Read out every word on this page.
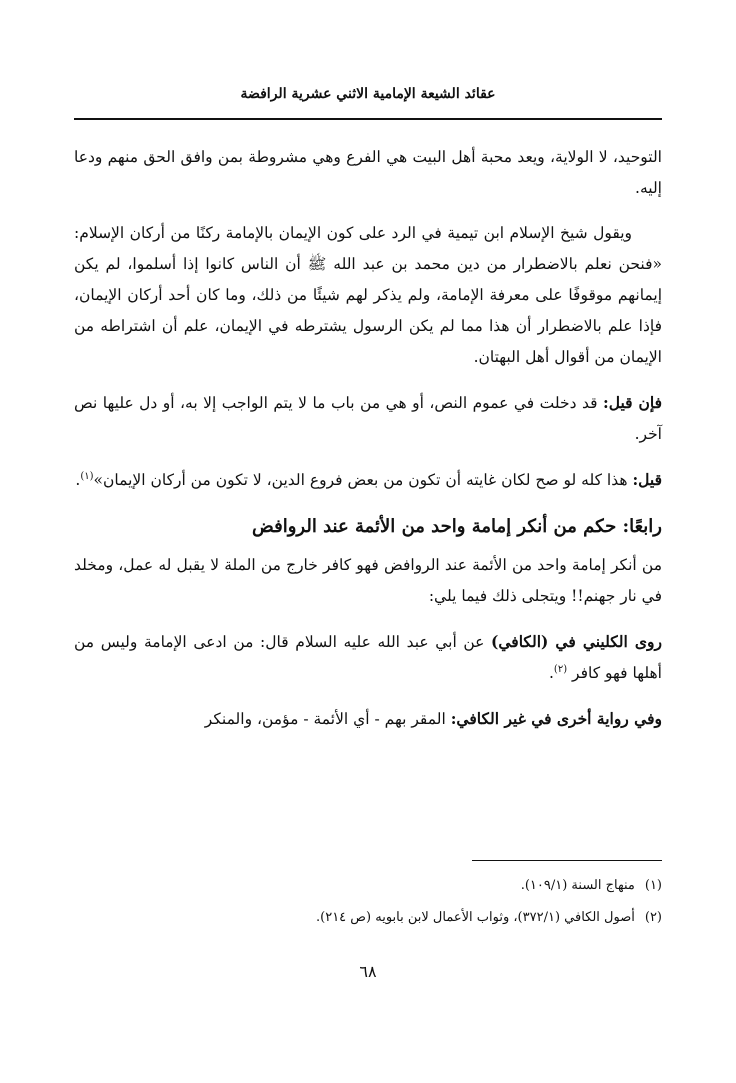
عقائد الشيعة الإمامية الاثني عشرية الرافضة

التوحيد، لا الولاية، ويعد محبة أهل البيت هي الفرع وهي مشروطة بمن وافق الحق منهم ودعا إليه.

ويقول شيخ الإسلام ابن تيمية في الرد على كون الإيمان بالإمامة ركنًا من أركان الإسلام: «فنحن نعلم بالاضطرار من دين محمد بن عبد الله ﷺ أن الناس كانوا إذا أسلموا، لم يكن إيمانهم موقوفًا على معرفة الإمامة، ولم يذكر لهم شيئًا من ذلك، وما كان أحد أركان الإيمان، فإذا علم بالاضطرار أن هذا مما لم يكن الرسول يشترطه في الإيمان، علم أن اشتراطه من الإيمان من أقوال أهل البهتان.

فإن قيل: قد دخلت في عموم النص، أو هي من باب ما لا يتم الواجب إلا به، أو دل عليها نص آخر.

قيل: هذا كله لو صح لكان غايته أن تكون من بعض فروع الدين، لا تكون من أركان الإيمان»$^{(١)}$.

رابعًا: حكم من أنكر إمامة واحد من الأئمة عند الروافض

من أنكر إمامة واحد من الأئمة عند الروافض فهو كافر خارج من الملة لا يقبل له عمل، ومخلد في نار جهنم!! ويتجلى ذلك فيما يلي:

روى الكليني في (الكافي) عن أبي عبد الله عليه السلام قال: من ادعى الإمامة وليس من أهلها فهو كافر $^{(٢)}$.

وفي رواية أخرى في غير الكافي: المقر بهم - أي الأئمة - مؤمن، والمنكر

(١)منهاج السنة (١٠٩/١).
(٢)أصول الكافي (٣٧٢/١)، وثواب الأعمال لابن بابويه (ص ٢١٤).
٦٨
